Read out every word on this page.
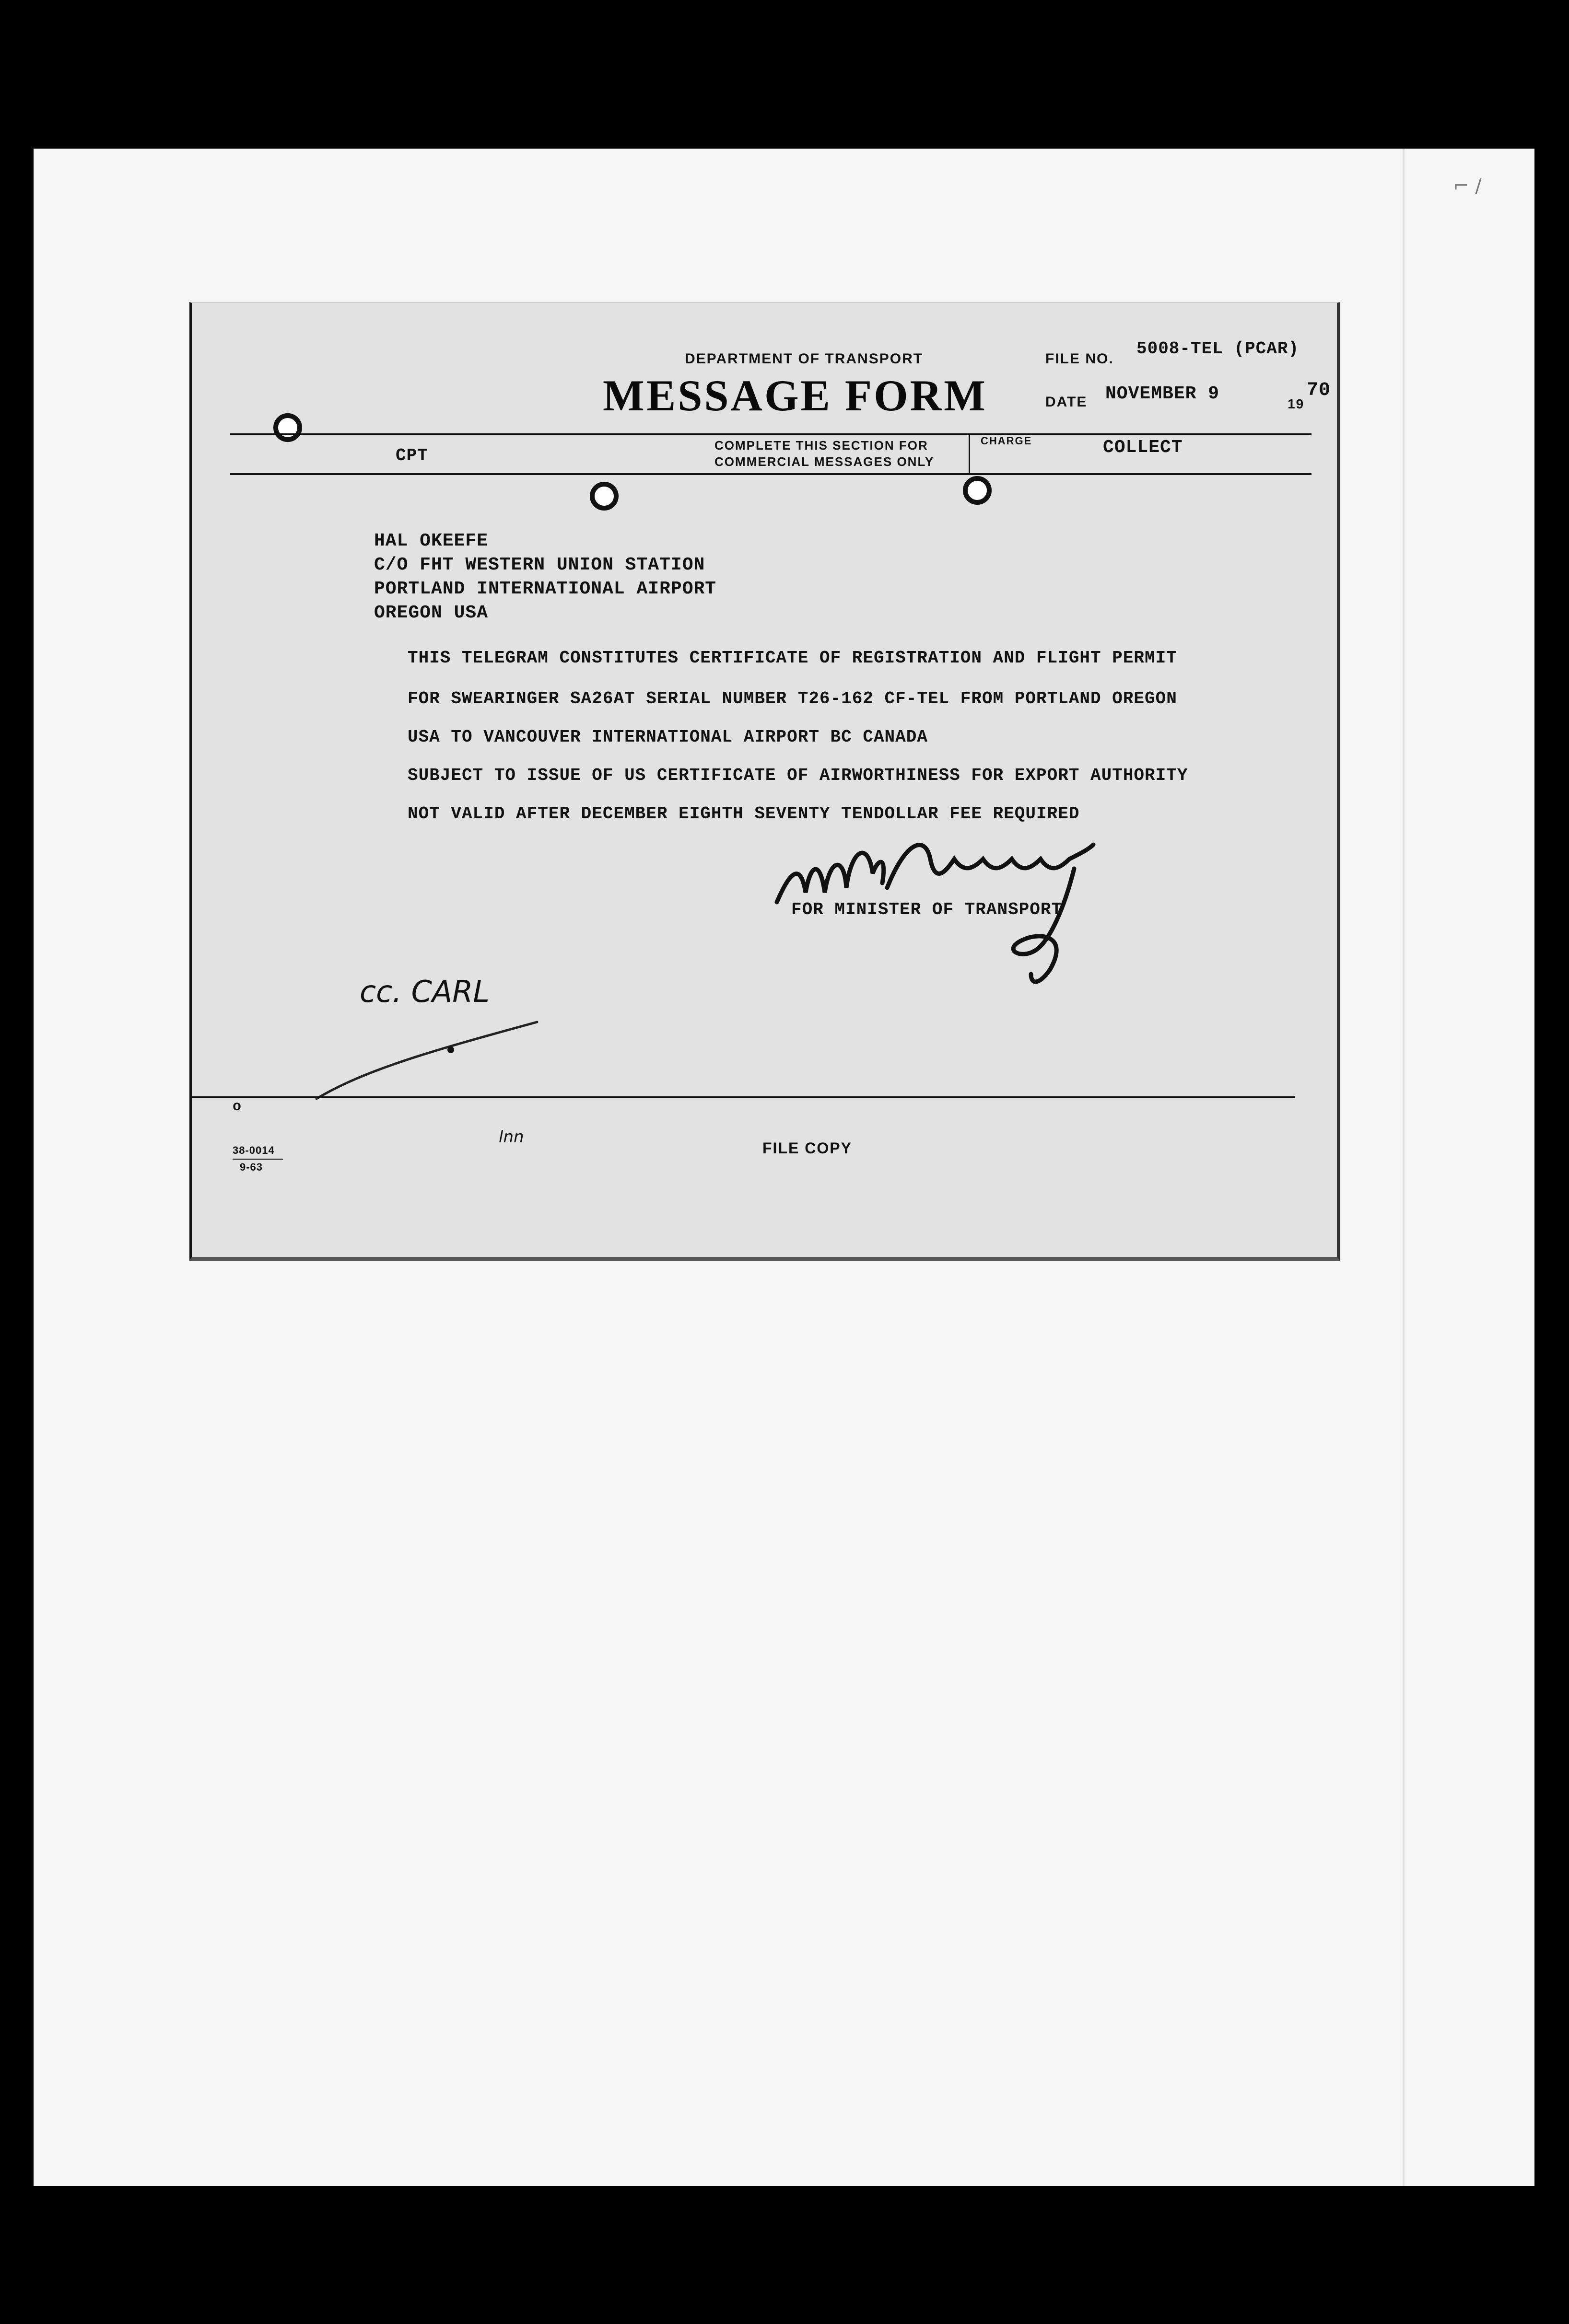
⌐ ∕
DEPARTMENT OF TRANSPORT
MESSAGE FORM
FILE NO.
5008-TEL (PCAR)
DATE NOVEMBER 9	19
70
CPT
COMPLETE THIS SECTION FOR
COMMERCIAL MESSAGES ONLY
CHARGE	COLLECT
HAL OKEEFE
C/O FHT WESTERN UNION STATION
PORTLAND INTERNATIONAL AIRPORT
OREGON USA
THIS TELEGRAM CONSTITUTES CERTIFICATE OF REGISTRATION AND FLIGHT PERMIT
FOR SWEARINGER SA26AT SERIAL NUMBER T26-162 CF-TEL FROM PORTLAND OREGON
USA TO VANCOUVER INTERNATIONAL AIRPORT BC CANADA
SUBJECT TO ISSUE OF US CERTIFICATE OF AIRWORTHINESS FOR EXPORT AUTHORITY
NOT VALID AFTER DECEMBER EIGHTH SEVENTY TENDOLLAR FEE REQUIRED
FOR MINISTER OF TRANSPORT
cc. CARL
o
38-0014
9-63
lnn
FILE COPY
